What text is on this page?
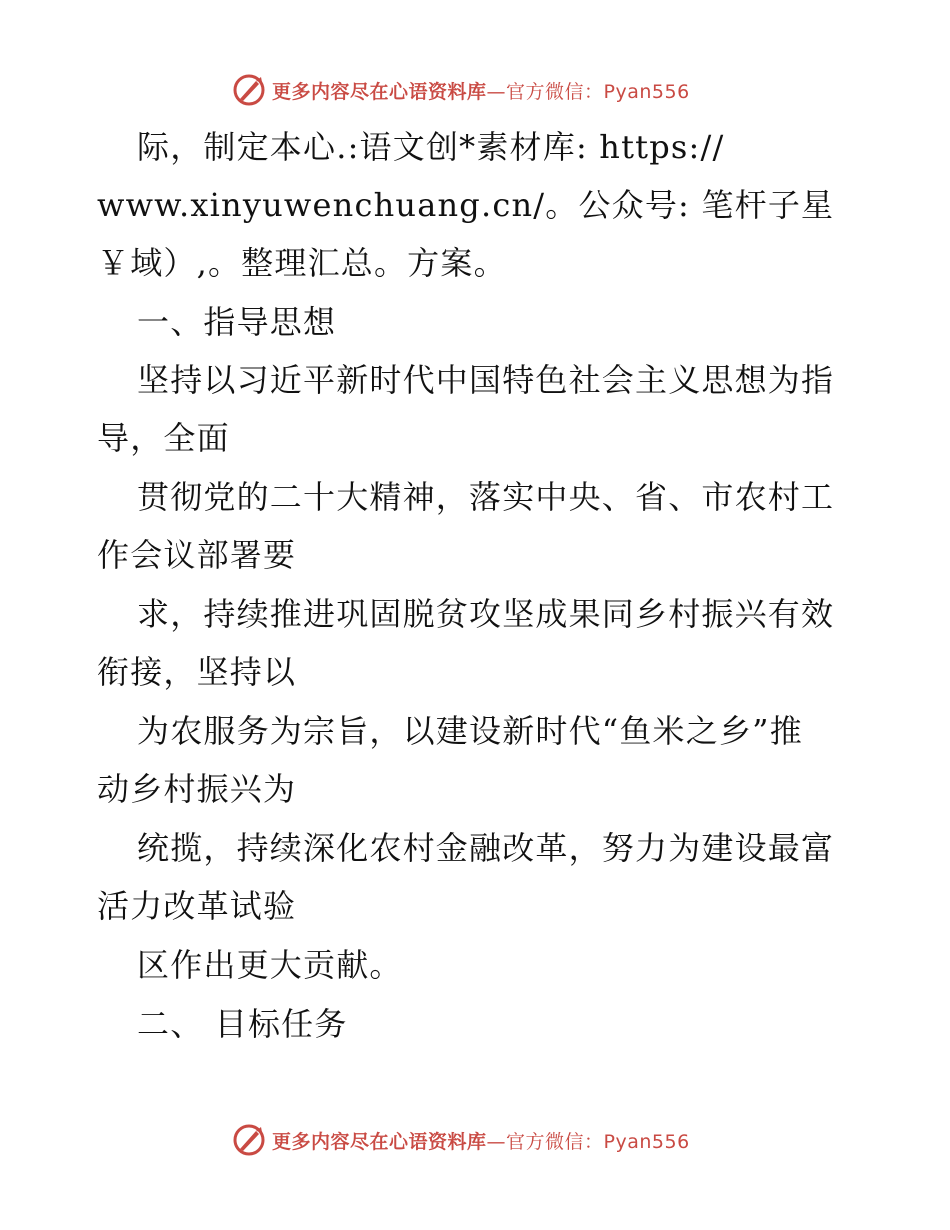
更多内容尽在心语资料库—官方微信：Pyan556
际，制定本心.:语文创*素材库: https://
www.xinyuwenchuang.cn/。公众号: 笔杆子星
￥域）,。整理汇总。方案。
一、指导思想
坚持以习近平新时代中国特色社会主义思想为指
导，全面
贯彻党的二十大精神，落实中央、省、市农村工
作会议部署要
求，持续推进巩固脱贫攻坚成果同乡村振兴有效
衔接，坚持以
为农服务为宗旨，以建设新时代“鱼米之乡”推
动乡村振兴为
统揽，持续深化农村金融改革，努力为建设最富
活力改革试验
区作出更大贡献。
二、 目标任务
更多内容尽在心语资料库—官方微信：Pyan556
